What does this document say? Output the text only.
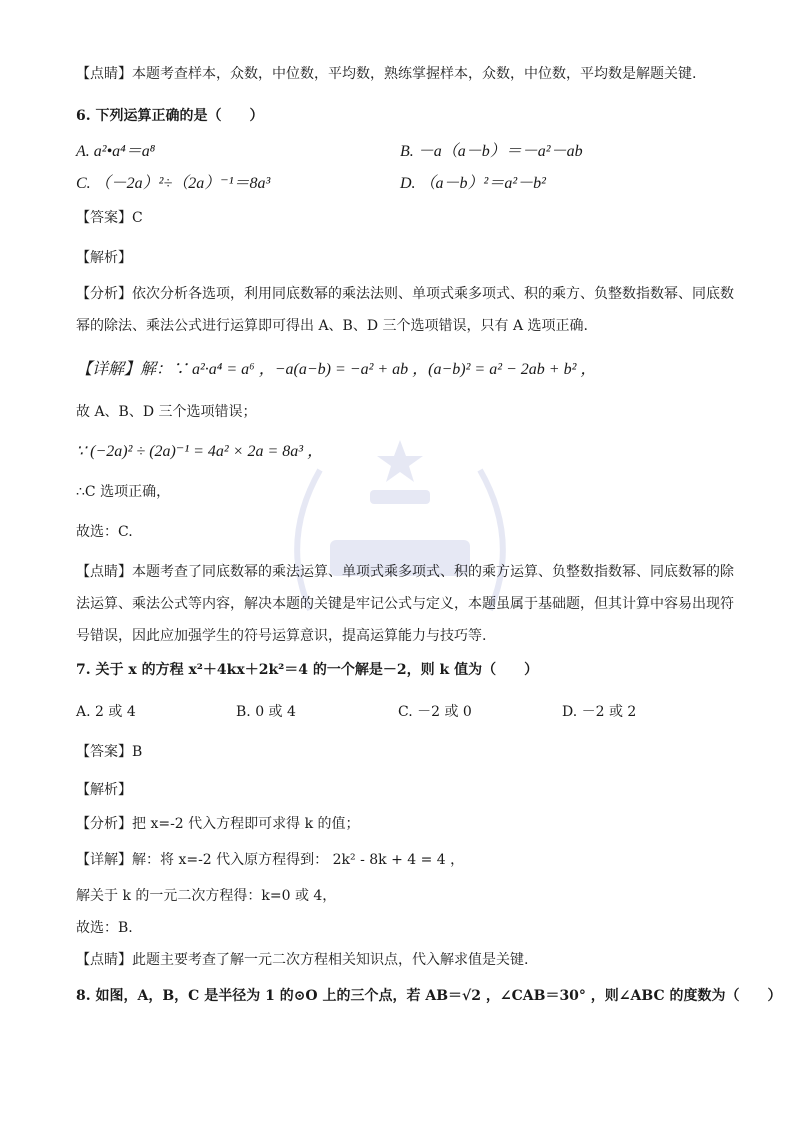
【点睛】本题考查样本，众数，中位数，平均数，熟练掌握样本，众数，中位数，平均数是解题关键.
6. 下列运算正确的是（　　）
A. a²•a⁴＝a⁸	B. －a（a－b）＝－a²－ab
C. （－2a）²÷（2a）⁻¹＝8a³	D. （a－b）²＝a²－b²
【答案】C
【解析】
【分析】依次分析各选项，利用同底数幂的乘法法则、单项式乘多项式、积的乘方、负整数指数幂、同底数幂的除法、乘法公式进行运算即可得出 A、B、D 三个选项错误，只有 A 选项正确.
【详解】解：∵ a²·a⁴ = a⁶ ，−a(a−b) = −a² + ab ，(a−b)² = a² − 2ab + b² ，
故 A、B、D 三个选项错误；
∵ (−2a)² ÷ (2a)⁻¹ = 4a² × 2a = 8a³ ，
∴C 选项正确，
故选：C.
【点睛】本题考查了同底数幂的乘法运算、单项式乘多项式、积的乘方运算、负整数指数幂、同底数幂的除法运算、乘法公式等内容，解决本题的关键是牢记公式与定义，本题虽属于基础题，但其计算中容易出现符号错误，因此应加强学生的符号运算意识，提高运算能力与技巧等.
7. 关于 x 的方程 x²＋4kx＋2k²＝4 的一个解是－2，则 k 值为（　　）
A. 2 或 4	B. 0 或 4	C. －2 或 0	D. －2 或 2
【答案】B
【解析】
【分析】把 x=-2 代入方程即可求得 k 的值；
【详解】解：将 x=-2 代入原方程得到： 2k² - 8k + 4 = 4 ，
解关于 k 的一元二次方程得：k=0 或 4，
故选：B.
【点睛】此题主要考查了解一元二次方程相关知识点，代入解求值是关键.
8. 如图，A，B，C 是半径为 1 的⊙O 上的三个点，若 AB＝√2 ，∠CAB＝30° ，则∠ABC 的度数为（　　）
